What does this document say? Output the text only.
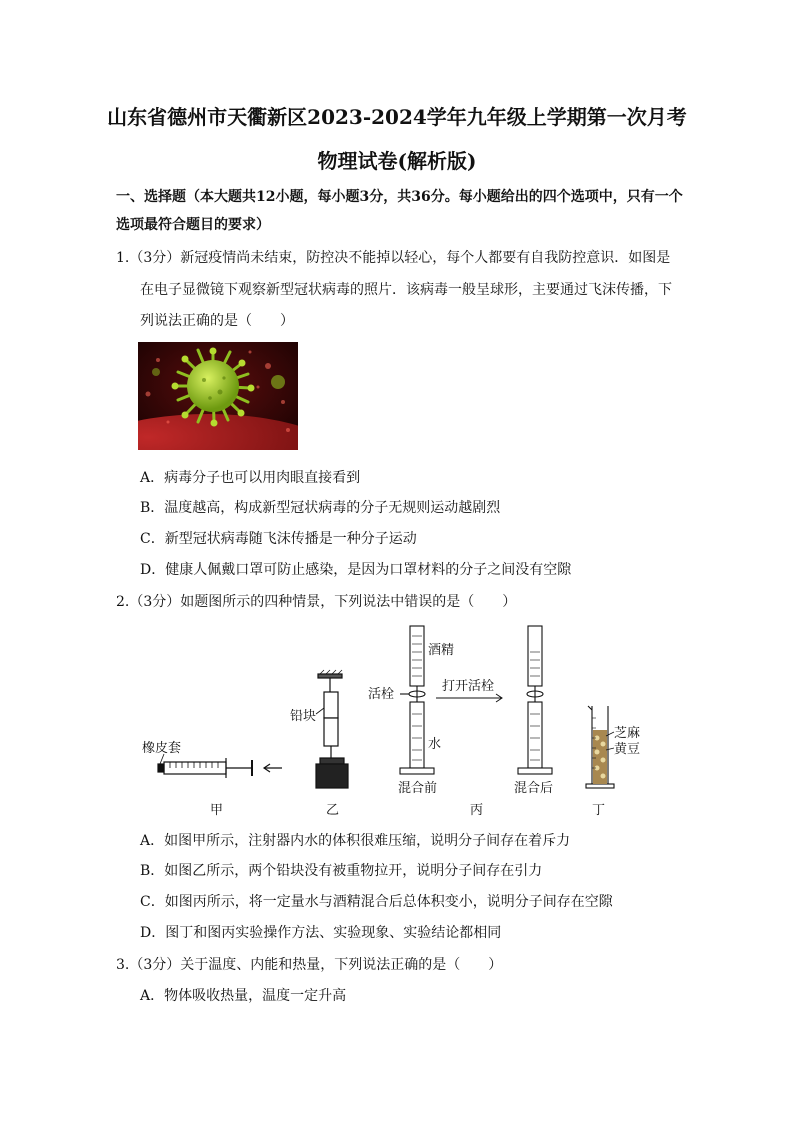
山东省德州市天衢新区2023-2024学年九年级上学期第一次月考
物理试卷(解析版)
一、选择题（本大题共12小题，每小题3分，共36分。每小题给出的四个选项中，只有一个选项最符合题目的要求）
1.（3分）新冠疫情尚未结束，防控决不能掉以轻心，每个人都要有自我防控意识．如图是
在电子显微镜下观察新型冠状病毒的照片．该病毒一般呈球形，主要通过飞沫传播，下
列说法正确的是（　　）
A．病毒分子也可以用肉眼直接看到
B．温度越高，构成新型冠状病毒的分子无规则运动越剧烈
C．新型冠状病毒随飞沫传播是一种分子运动
D．健康人佩戴口罩可防止感染，是因为口罩材料的分子之间没有空隙
2.（3分）如题图所示的四种情景，下列说法中错误的是（　　）
橡皮套
甲
铅块
乙
酒精
活栓
水
混合前
打开活栓
混合后
丙
芝麻
黄豆
丁
A．如图甲所示，注射器内水的体积很难压缩，说明分子间存在着斥力
B．如图乙所示，两个铅块没有被重物拉开，说明分子间存在引力
C．如图丙所示，将一定量水与酒精混合后总体积变小，说明分子间存在空隙
D．图丁和图丙实验操作方法、实验现象、实验结论都相同
3.（3分）关于温度、内能和热量，下列说法正确的是（　　）
A．物体吸收热量，温度一定升高
